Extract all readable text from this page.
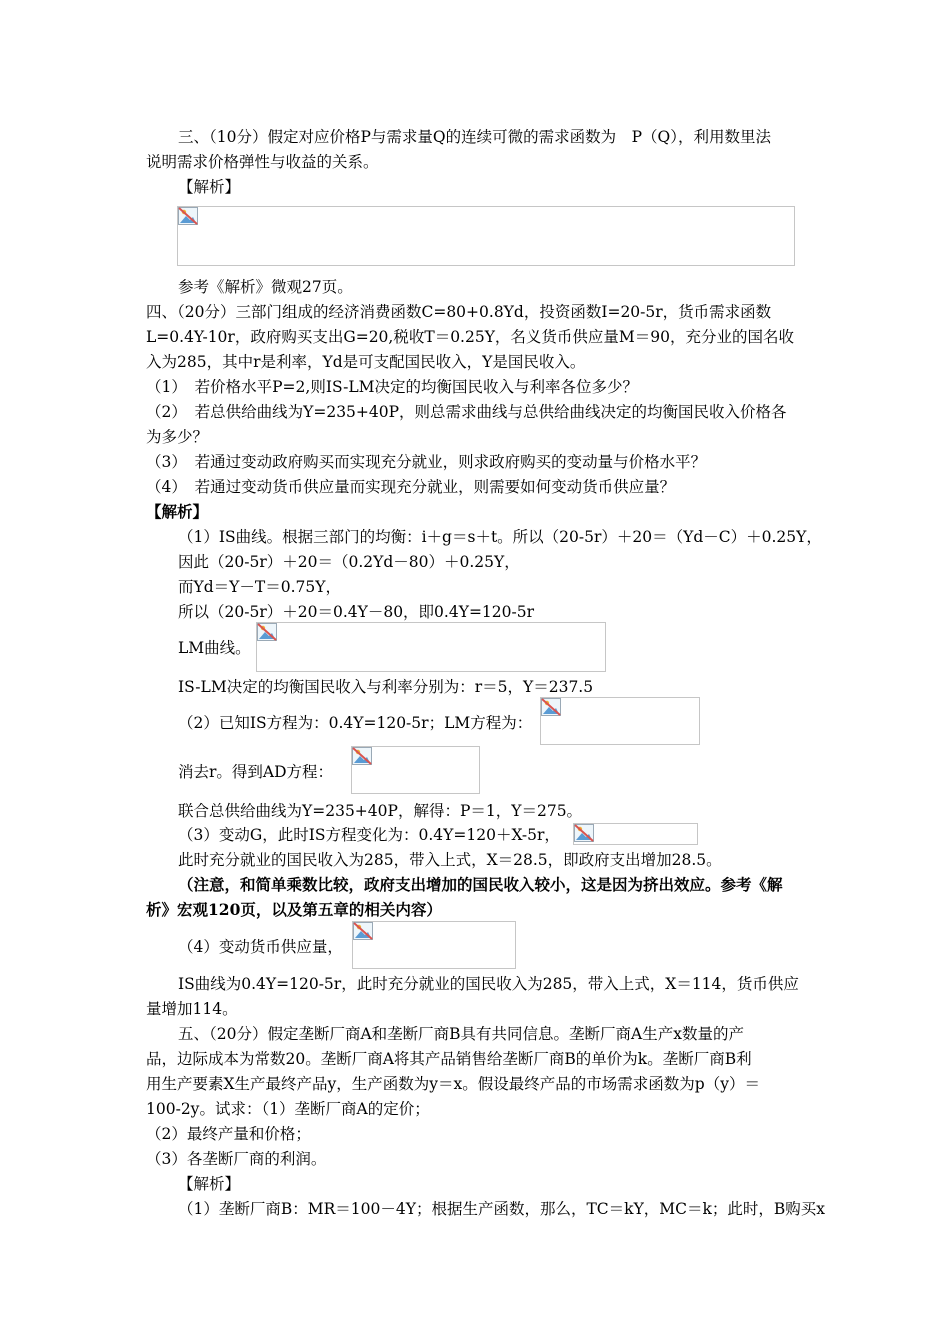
三、（10分）假定对应价格P与需求量Q的连续可微的需求函数为　P（Q），利用数里法
说明需求价格弹性与收益的关系。
【解析】
参考《解析》微观27页。
四、（20分）三部门组成的经济消费函数C=80+0.8Yd，投资函数I=20-5r，货币需求函数
L=0.4Y-10r，政府购买支出G=20,税收T＝0.25Y，名义货币供应量M＝90，充分业的国名收
入为285，其中r是利率，Yd是可支配国民收入，Y是国民收入。
（1）　若价格水平P=2,则IS-LM决定的均衡国民收入与利率各位多少？
（2）　若总供给曲线为Y=235+40P，则总需求曲线与总供给曲线决定的均衡国民收入价格各
为多少？
（3）　若通过变动政府购买而实现充分就业，则求政府购买的变动量与价格水平？
（4）　若通过变动货币供应量而实现充分就业，则需要如何变动货币供应量？
【解析】
（1）IS曲线。根据三部门的均衡：i＋g＝s＋t。所以（20-5r）＋20＝（Yd－C）＋0.25Y，
因此（20-5r）＋20＝（0.2Yd－80）＋0.25Y，
而Yd＝Y－T＝0.75Y，
所以（20-5r）＋20＝0.4Y－80，即0.4Y=120-5r
LM曲线。
IS-LM决定的均衡国民收入与利率分别为：r＝5，Y＝237.5
（2）已知IS方程为：0.4Y=120-5r；LM方程为：
消去r。得到AD方程：
联合总供给曲线为Y=235+40P，解得：P＝1，Y＝275。
（3）变动G，此时IS方程变化为：0.4Y=120＋X-5r，
此时充分就业的国民收入为285，带入上式，X＝28.5，即政府支出增加28.5。
（注意，和简单乘数比较，政府支出增加的国民收入较小，这是因为挤出效应。参考《解
析》宏观120页，以及第五章的相关内容）
（4）变动货币供应量，
IS曲线为0.4Y=120-5r，此时充分就业的国民收入为285，带入上式，X＝114，货币供应
量增加114。
五、（20分）假定垄断厂商A和垄断厂商B具有共同信息。垄断厂商A生产x数量的产
品，边际成本为常数20。垄断厂商A将其产品销售给垄断厂商B的单价为k。垄断厂商B利
用生产要素X生产最终产品y，生产函数为y＝x。假设最终产品的市场需求函数为p（y）＝
100-2y。试求：（1）垄断厂商A的定价；
（2）最终产量和价格；
（3）各垄断厂商的利润。
【解析】
（1）垄断厂商B：MR＝100－4Y；根据生产函数，那么，TC＝kY，MC＝k；此时，B购买x
